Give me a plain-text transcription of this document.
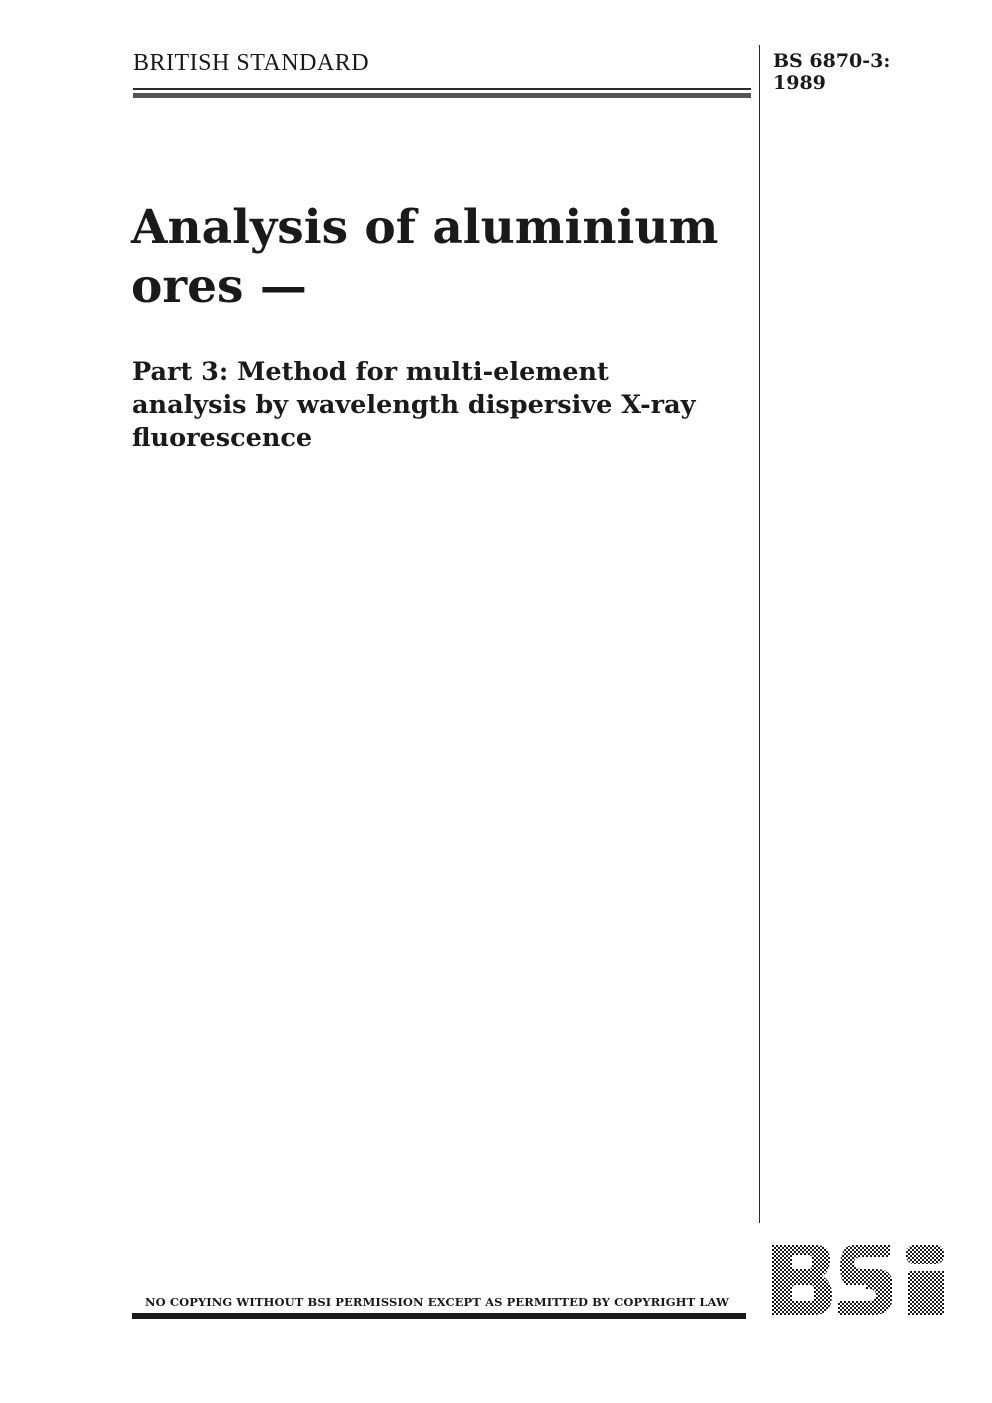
BRITISH STANDARD	BS 6870-3:
1989
Analysis of aluminium
ores —
Part 3: Method for multi-element
analysis by wavelength dispersive X-ray
fluorescence
NO COPYING WITHOUT BSI PERMISSION EXCEPT AS PERMITTED BY COPYRIGHT LAW
